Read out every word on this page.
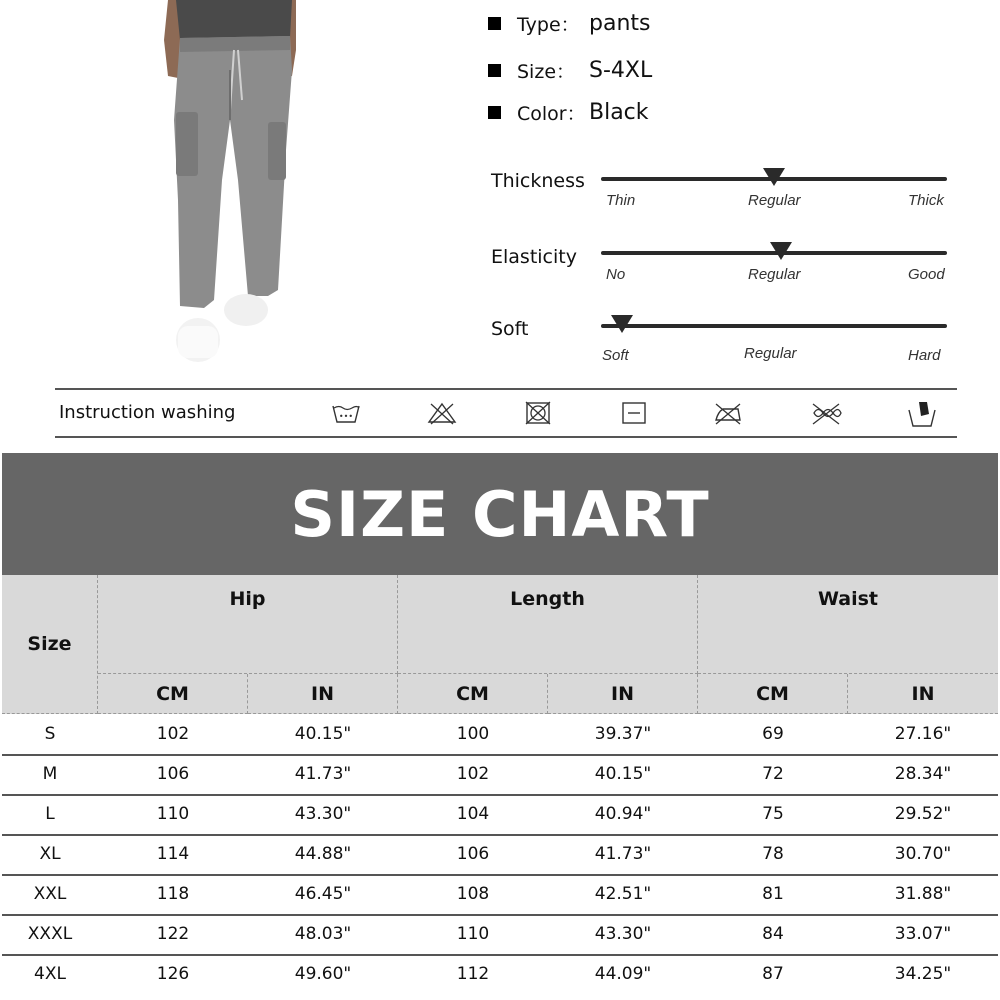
Type： pants
Size： S-4XL
Color： Black
Thickness
Thin	Regular	Thick
Elasticity
No	Regular	Good
Soft
Soft	Regular	Hard
Instruction washing	•••
SIZE CHART
Size
Hip	Length	Waist
CM	IN	CM	IN	CM	IN
S	102	40.15"	100	39.37"	69	27.16"
M	106	41.73"	102	40.15"	72	28.34"
L	110	43.30"	104	40.94"	75	29.52"
XL	114	44.88"	106	41.73"	78	30.70"
XXL	118	46.45"	108	42.51"	81	31.88"
XXXL	122	48.03"	110	43.30"	84	33.07"
4XL	126	49.60"	112	44.09"	87	34.25"
